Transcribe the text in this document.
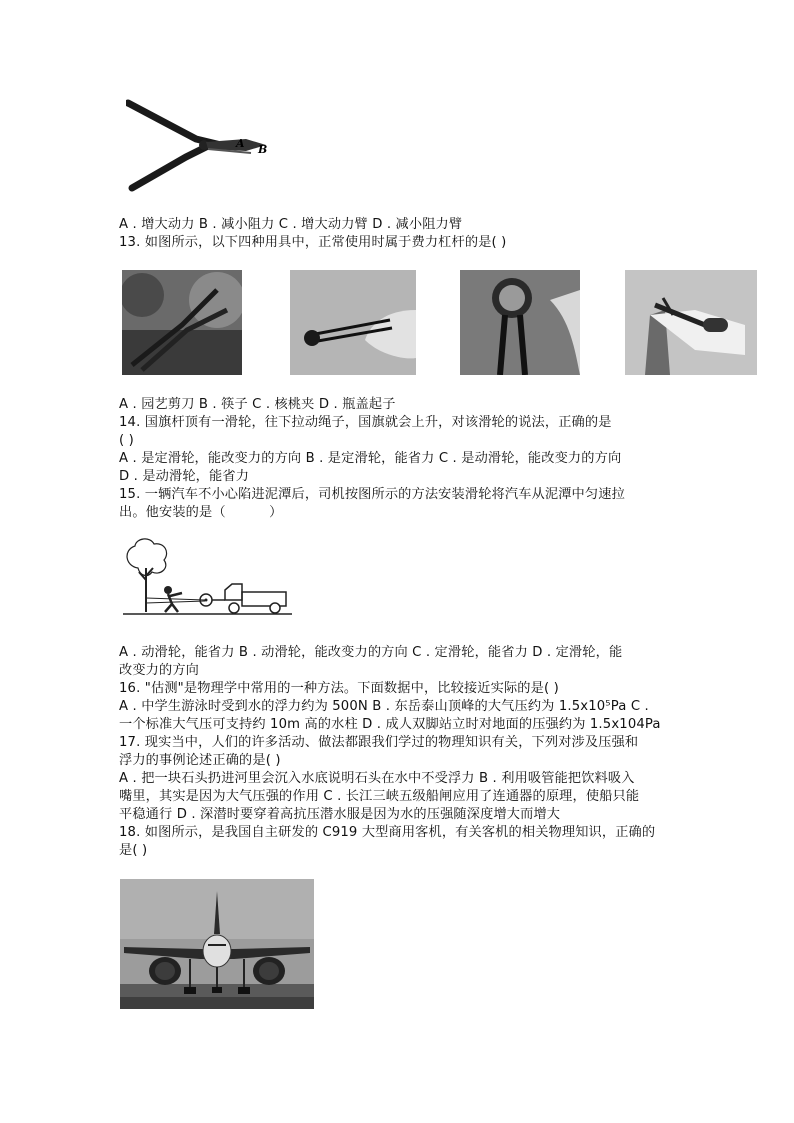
A B
A . 增大动力 B . 减小阻力 C . 增大动力臂 D . 减小阻力臂
13. 如图所示，以下四种用具中，正常使用时属于费力杠杆的是( )
A . 园艺剪刀 B . 筷子 C . 核桃夹 D . 瓶盖起子
14. 国旗杆顶有一滑轮，往下拉动绳子，国旗就会上升，对该滑轮的说法，正确的是
( )
A . 是定滑轮，能改变力的方向 B . 是定滑轮，能省力 C . 是动滑轮，能改变力的方向
D . 是动滑轮，能省力
15. 一辆汽车不小心陷进泥潭后，司机按图所示的方法安装滑轮将汽车从泥潭中匀速拉
出。他安装的是（          ）
A . 动滑轮，能省力 B . 动滑轮，能改变力的方向 C . 定滑轮，能省力 D . 定滑轮，能
改变力的方向
16. "估测"是物理学中常用的一种方法。下面数据中，比较接近实际的是( )
A . 中学生游泳时受到水的浮力约为 500N B . 东岳泰山顶峰的大气压约为 1.5x10⁵Pa C .
一个标准大气压可支持约 10m 高的水柱 D . 成人双脚站立时对地面的压强约为 1.5x104Pa
17. 现实当中，人们的许多活动、做法都跟我们学过的物理知识有关，下列对涉及压强和
浮力的事例论述正确的是( )
A . 把一块石头扔进河里会沉入水底说明石头在水中不受浮力 B . 利用吸管能把饮料吸入
嘴里，其实是因为大气压强的作用 C . 长江三峡五级船闸应用了连通器的原理，使船只能
平稳通行 D . 深潜时要穿着高抗压潜水服是因为水的压强随深度增大而增大
18. 如图所示，是我国自主研发的 C919 大型商用客机，有关客机的相关物理知识，正确的
是( )
